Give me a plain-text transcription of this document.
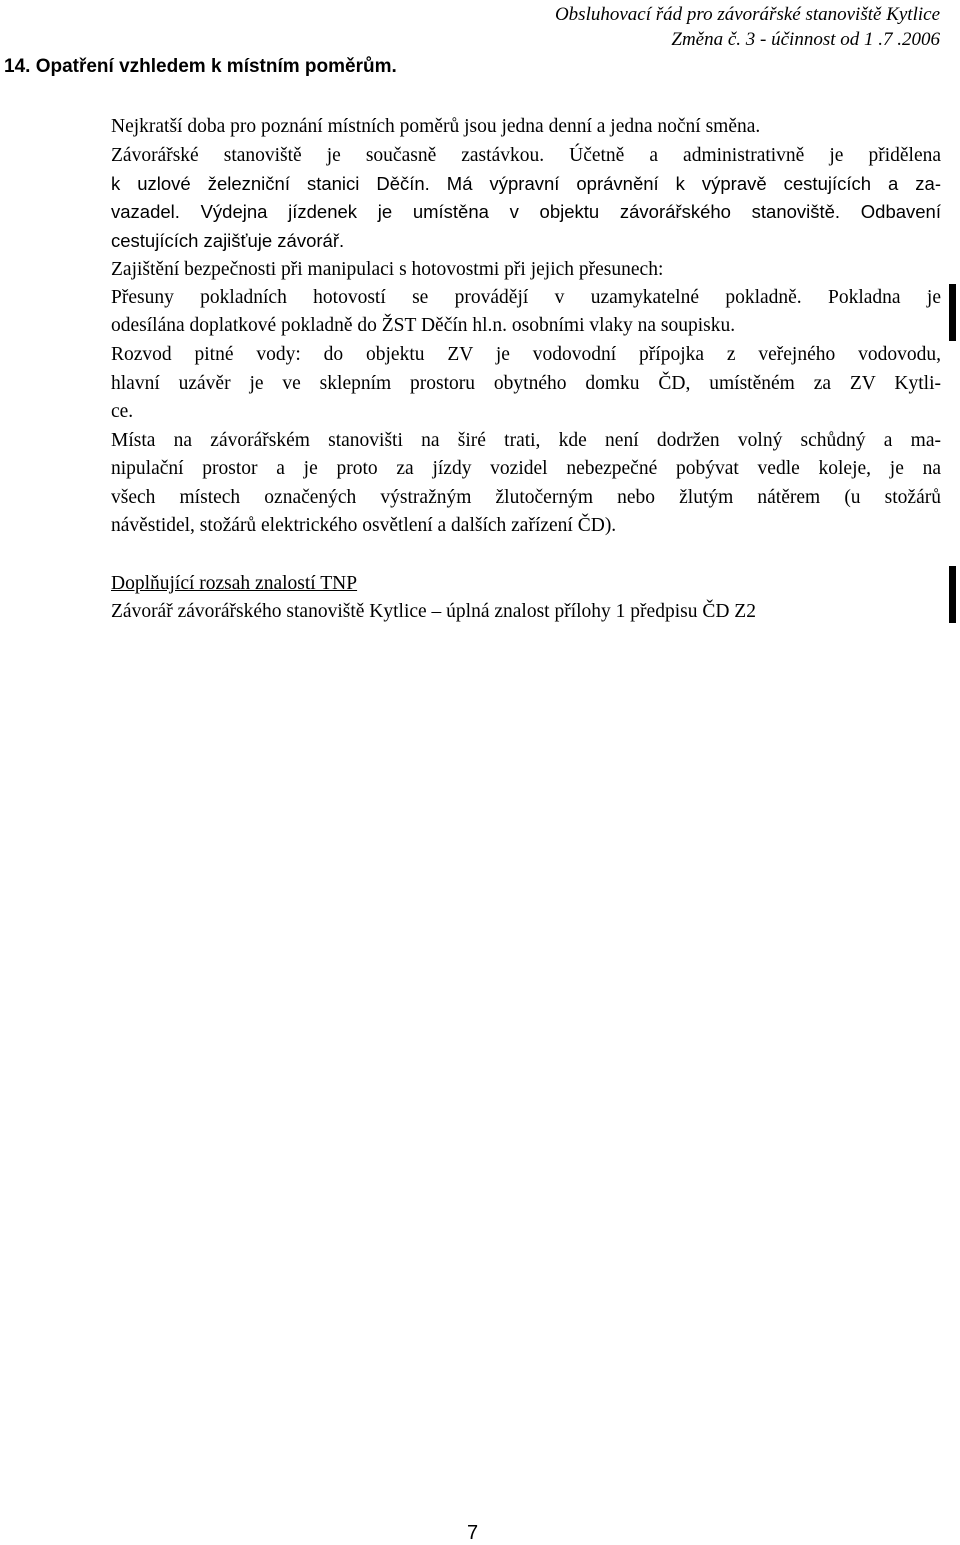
Obsluhovací řád pro závorářské stanoviště Kytlice
Změna č. 3 - účinnost od 1 .7 .2006
14. Opatření vzhledem k místním poměrům.
Nejkratší doba pro poznání místních poměrů jsou jedna denní a jedna noční směna.
Závorářské stanoviště je současně zastávkou. Účetně a administrativně je přidělena
k uzlové železniční stanici Děčín. Má výpravní oprávnění k výpravě cestujících a za-
vazadel. Výdejna jízdenek je umístěna v objektu závorářského stanoviště. Odbavení
cestujících zajišťuje závorář.
Zajištění bezpečnosti při manipulaci s hotovostmi při jejich přesunech:
Přesuny pokladních hotovostí se provádějí v uzamykatelné pokladně. Pokladna je
odesílána doplatkové pokladně do ŽST Děčín hl.n. osobními vlaky na soupisku.
Rozvod pitné vody: do objektu ZV je vodovodní přípojka z veřejného vodovodu,
hlavní uzávěr je ve sklepním prostoru obytného domku ČD, umístěném za ZV Kytli-
ce.
Místa na závorářském stanovišti na širé trati, kde není dodržen volný schůdný a ma-
nipulační prostor a je proto za jízdy vozidel nebezpečné pobývat vedle koleje, je na
všech místech označených výstražným žlutočerným nebo žlutým nátěrem (u stožárů
návěstidel, stožárů elektrického osvětlení a dalších zařízení ČD).
Doplňující rozsah znalostí TNP
Závorář závorářského stanoviště Kytlice – úplná znalost přílohy 1 předpisu ČD Z2
7
